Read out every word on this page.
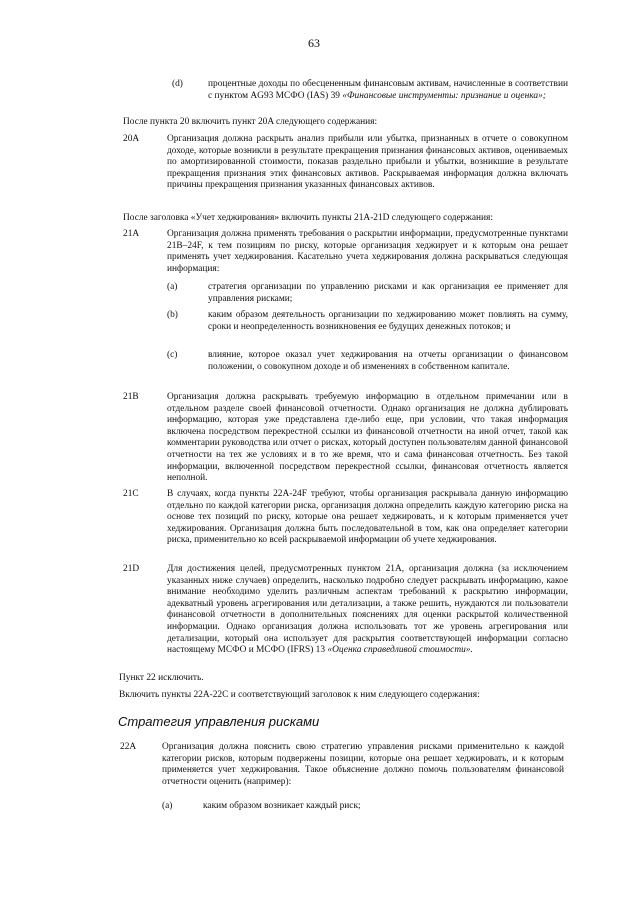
63
(d)	процентные доходы по обесцененным финансовым активам, начисленные в соответствии с пунктом AG93 МСФО (IAS) 39 «Финансовые инструменты: признание и оценка»;
После пункта 20 включить пункт 20A следующего содержания:
20A	Организация должна раскрыть анализ прибыли или убытка, признанных в отчете о совокупном доходе, которые возникли в результате прекращения признания финансовых активов, оцениваемых по амортизированной стоимости, показав раздельно прибыли и убытки, возникшие в результате прекращения признания этих финансовых активов. Раскрываемая информация должна включать причины прекращения признания указанных финансовых активов.
После заголовка «Учет хеджирования» включить пункты 21A-21D следующего содержания:
21A	Организация должна применять требования о раскрытии информации, предусмотренные пунктами 21B–24F, к тем позициям по риску, которые организация хеджирует и к которым она решает применять учет хеджирования. Касательно учета хеджирования должна раскрываться следующая информация:
(a)	стратегия организации по управлению рисками и как организация ее применяет для управления рисками;
(b)	каким образом деятельность организации по хеджированию может повлиять на сумму, сроки и неопределенность возникновения ее будущих денежных потоков; и
(c)	влияние, которое оказал учет хеджирования на отчеты организации о финансовом положении, о совокупном доходе и об изменениях в собственном капитале.
21B	Организация должна раскрывать требуемую информацию в отдельном примечании или в отдельном разделе своей финансовой отчетности. Однако организация не должна дублировать информацию, которая уже представлена где-либо еще, при условии, что такая информация включена посредством перекрестной ссылки из финансовой отчетности на иной отчет, такой как комментарии руководства или отчет о рисках, который доступен пользователям данной финансовой отчетности на тех же условиях и в то же время, что и сама финансовая отчетность. Без такой информации, включенной посредством перекрестной ссылки, финансовая отчетность является неполной.
21C	В случаях, когда пункты 22A-24F требуют, чтобы организация раскрывала данную информацию отдельно по каждой категории риска, организация должна определить каждую категорию риска на основе тех позиций по риску, которые она решает хеджировать, и к которым применяется учет хеджирования. Организация должна быть последовательной в том, как она определяет категории риска, применительно ко всей раскрываемой информации об учете хеджирования.
21D	Для достижения целей, предусмотренных пунктом 21A, организация должна (за исключением указанных ниже случаев) определить, насколько подробно следует раскрывать информацию, какое внимание необходимо уделить различным аспектам требований к раскрытию информации, адекватный уровень агрегирования или детализации, а также решить, нуждаются ли пользователи финансовой отчетности в дополнительных пояснениях для оценки раскрытой количественной информации. Однако организация должна использовать тот же уровень агрегирования или детализации, который она использует для раскрытия соответствующей информации согласно настоящему МСФО и МСФО (IFRS) 13 «Оценка справедливой стоимости».
Пункт 22 исключить.
Включить пункты 22A-22C и соответствующий заголовок к ним следующего содержания:
Стратегия управления рисками
22A	Организация должна пояснить свою стратегию управления рисками применительно к каждой категории рисков, которым подвержены позиции, которые она решает хеджировать, и к которым применяется учет хеджирования. Такое объяснение должно помочь пользователям финансовой отчетности оценить (например):
(a)	каким образом возникает каждый риск;
